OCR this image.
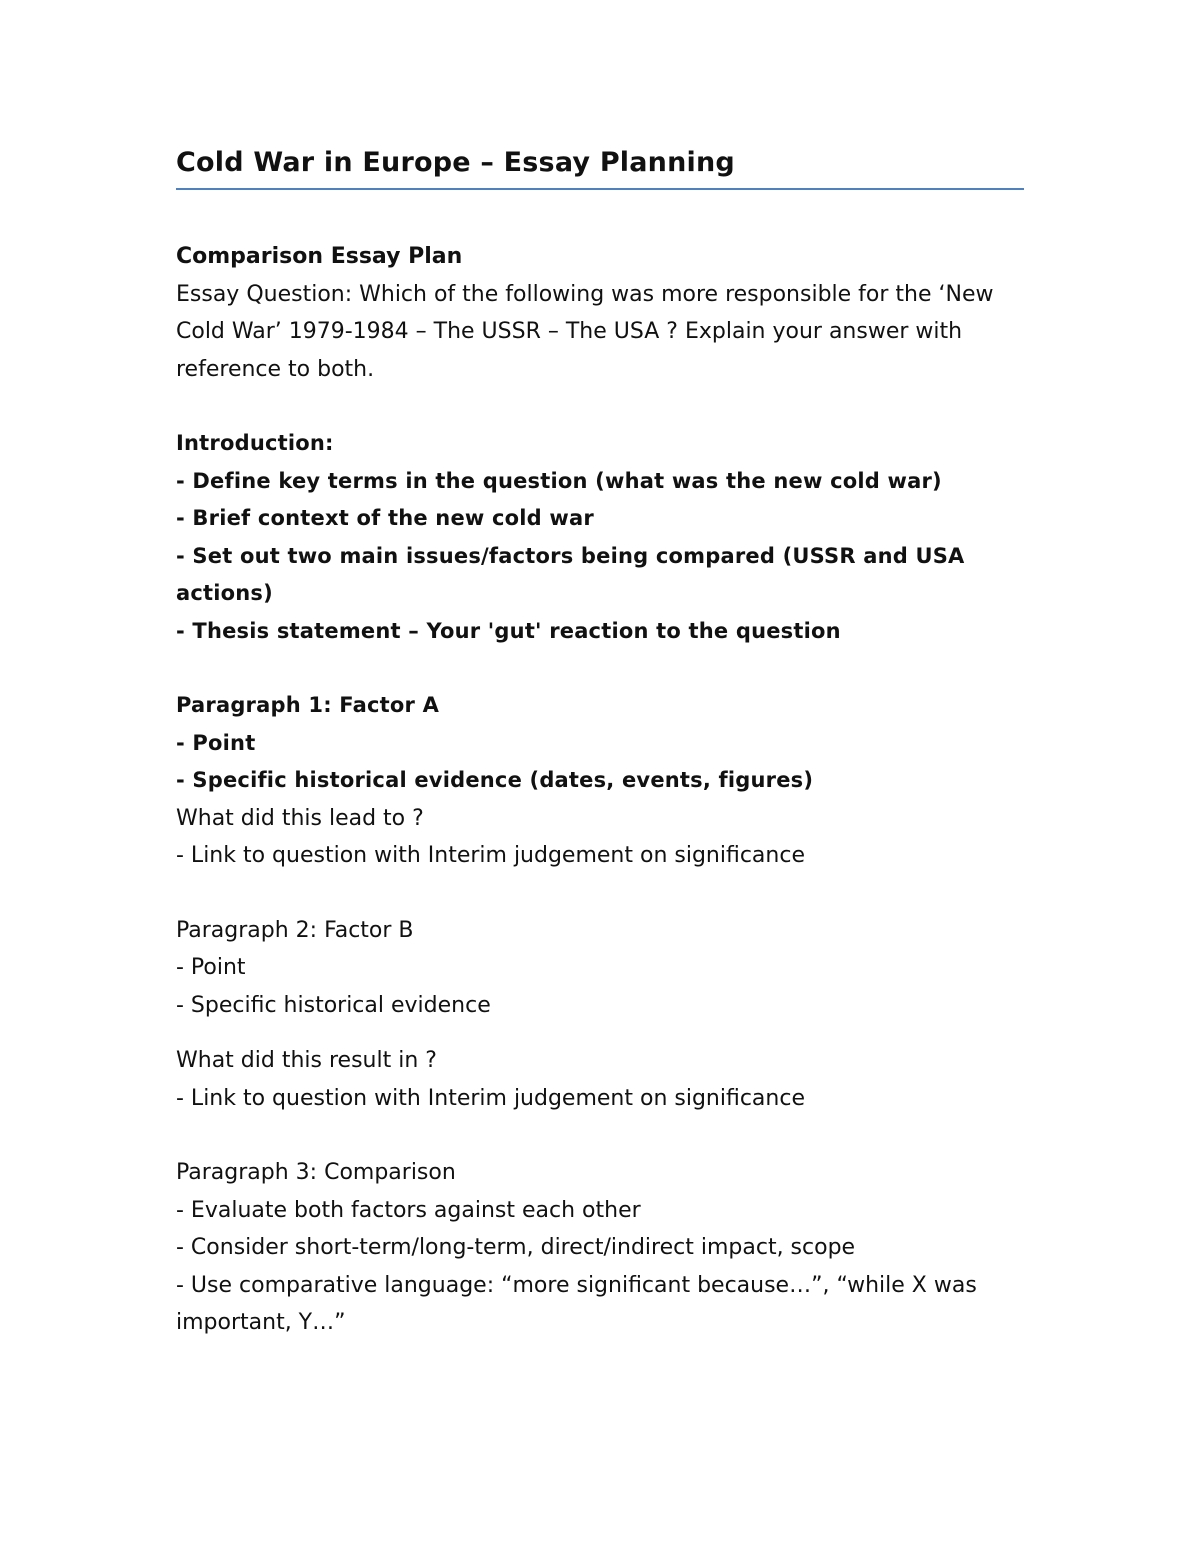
Cold War in Europe – Essay Planning

Comparison Essay Plan

Essay Question: Which of the following was more responsible for the ‘New

Cold War’ 1979-1984 – The USSR – The USA ? Explain your answer with

reference to both.

Introduction:

- Define key terms in the question (what was the new cold war)

- Brief context of the new cold war

- Set out two main issues/factors being compared (USSR and USA

actions)

- Thesis statement – Your 'gut' reaction to the question

Paragraph 1: Factor A

- Point

- Specific historical evidence (dates, events, figures)

What did this lead to ?

- Link to question with Interim judgement on significance

Paragraph 2: Factor B

- Point

- Specific historical evidence

What did this result in ?

- Link to question with Interim judgement on significance

Paragraph 3: Comparison

- Evaluate both factors against each other

- Consider short-term/long-term, direct/indirect impact, scope

- Use comparative language: “more significant because…”, “while X was

important, Y…”
